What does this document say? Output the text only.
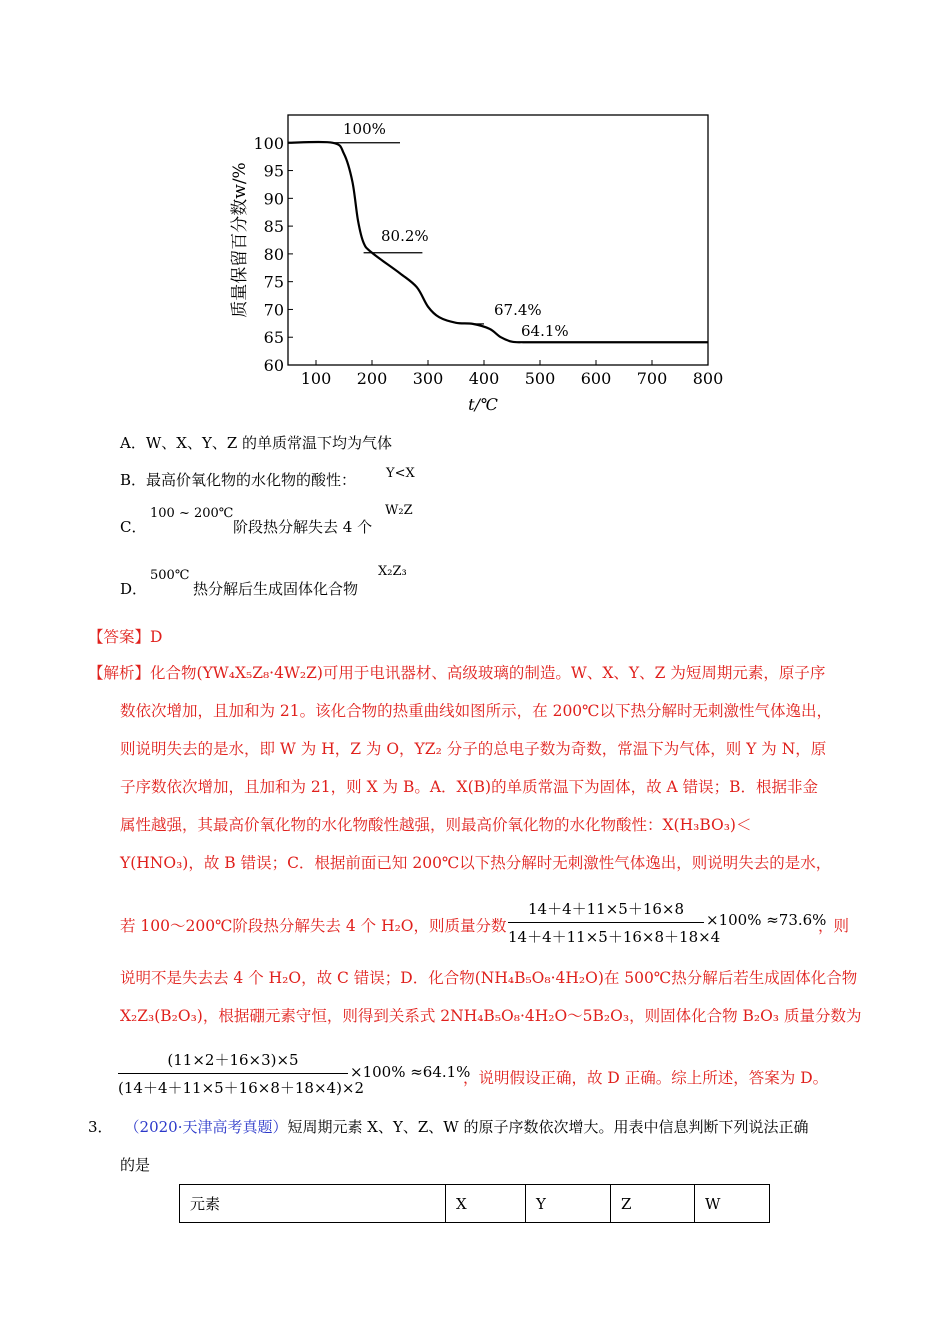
100 200 300 400 500 600 700 800
60
65
70
75
80
85
90
95
100
100%
80.2%
67.4%
64.1%
质量保留百分数w/%
t/℃
A．W、X、Y、Z 的单质常温下均为气体
B．最高价氧化物的水化物的酸性： Y<X
C．
100 ~ 200℃
阶段热分解失去 4 个
W₂Z
D．
500℃
热分解后生成固体化合物
X₂Z₃
【答案】D
【解析】化合物(YW₄X₅Z₈·4W₂Z)可用于电讯器材、高级玻璃的制造。W、X、Y、Z 为短周期元素，原子序
数依次增加，且加和为 21。该化合物的热重曲线如图所示，在 200℃以下热分解时无刺激性气体逸出，
则说明失去的是水，即 W 为 H，Z 为 O，YZ₂ 分子的总电子数为奇数，常温下为气体，则 Y 为 N，原
子序数依次增加，且加和为 21，则 X 为 B。A．X(B)的单质常温下为固体，故 A 错误；B．根据非金
属性越强，其最高价氧化物的水化物酸性越强，则最高价氧化物的水化物酸性：X(H₃BO₃)＜
Y(HNO₃)，故 B 错误；C．根据前面已知 200℃以下热分解时无刺激性气体逸出，则说明失去的是水，
若 100～200℃阶段热分解失去 4 个 H₂O，则质量分数
14＋4＋11×5＋16×8
14＋4＋11×5＋16×8＋18×4
×100% ≈73.6%
，则
说明不是失去去 4 个 H₂O，故 C 错误；D．化合物(NH₄B₅O₈·4H₂O)在 500℃热分解后若生成固体化合物
X₂Z₃(B₂O₃)，根据硼元素守恒，则得到关系式 2NH₄B₅O₈·4H₂O～5B₂O₃，则固体化合物 B₂O₃ 质量分数为
(11×2＋16×3)×5
(14＋4＋11×5＋16×8＋18×4)×2
×100% ≈64.1%
，说明假设正确，故 D 正确。综上所述，答案为 D。
3． （2020·天津高考真题）短周期元素 X、Y、Z、W 的原子序数依次增大。用表中信息判断下列说法正确
的是
元素	X	Y	Z	W
